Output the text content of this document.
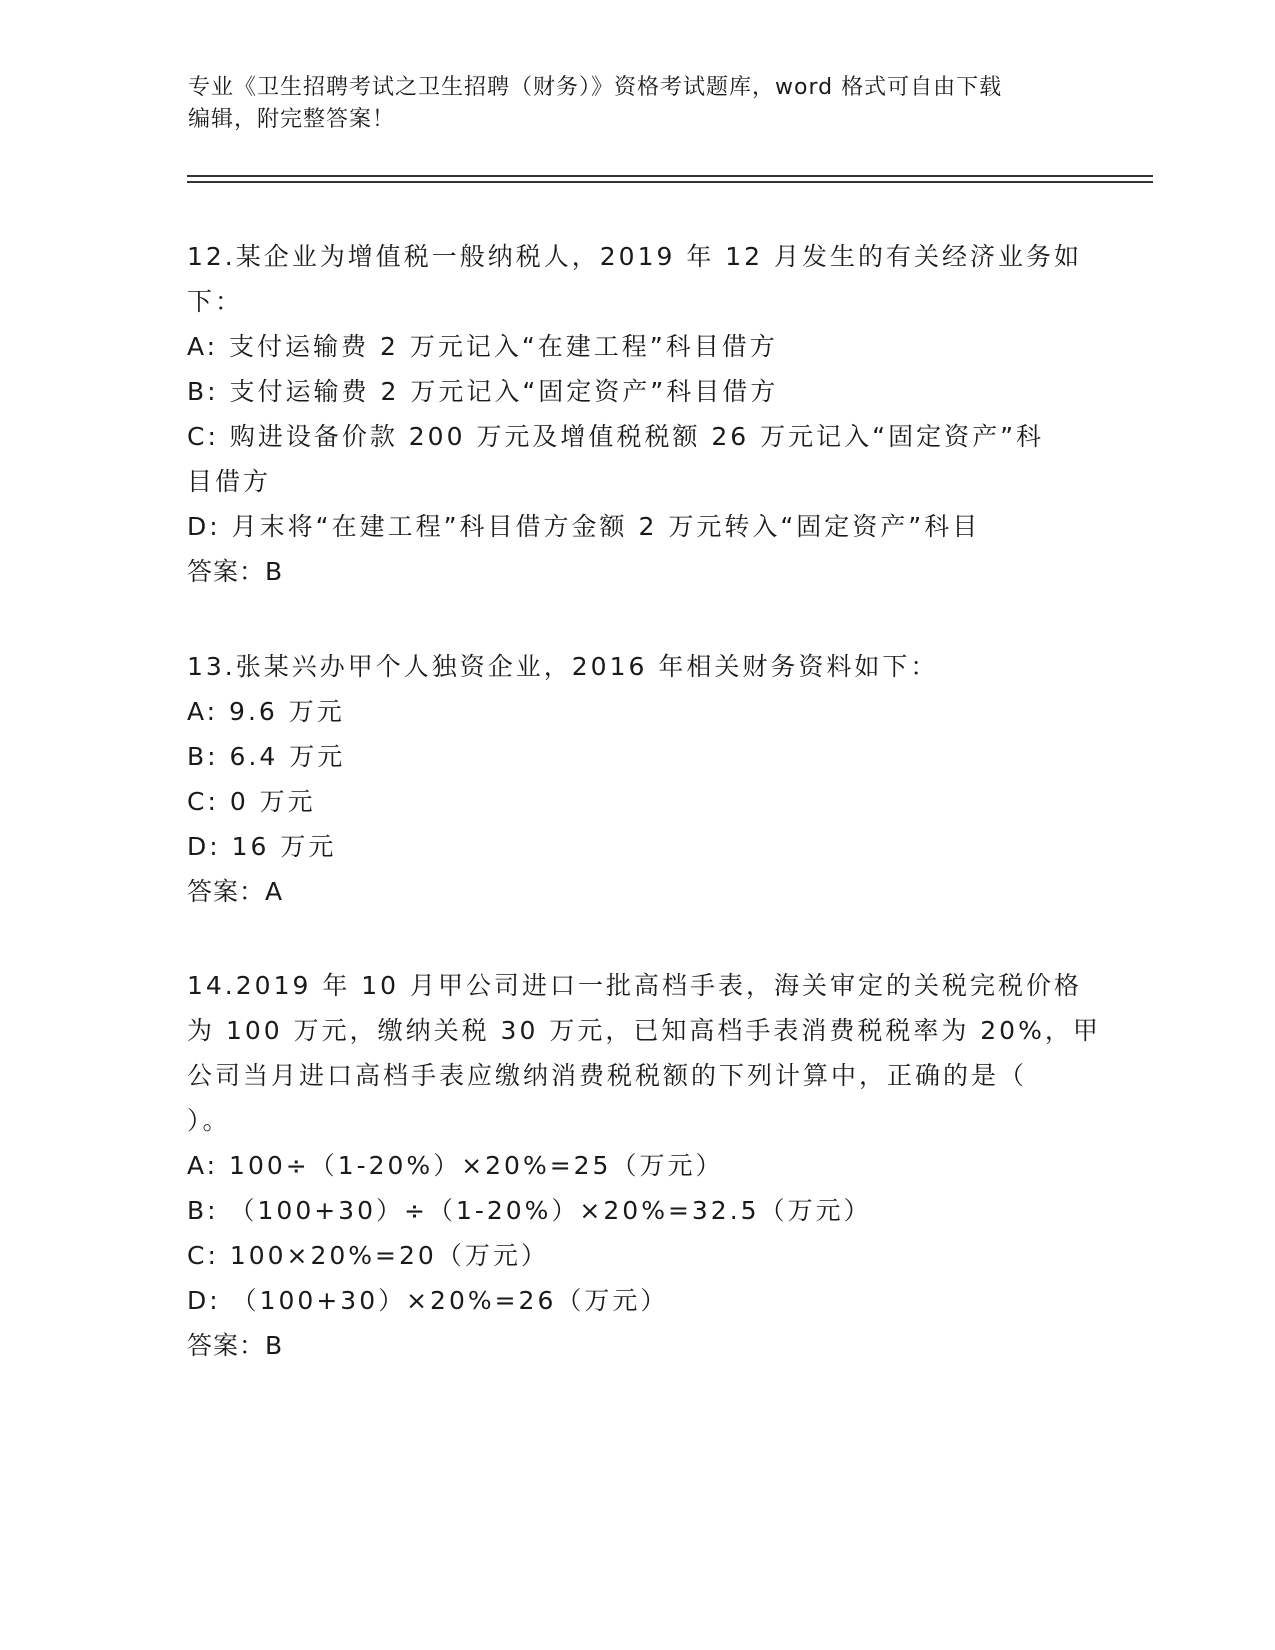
专业《卫生招聘考试之卫生招聘（财务）》资格考试题库，word 格式可自由下载
编辑，附完整答案！
12.某企业为增值税一般纳税人，2019 年 12 月发生的有关经济业务如
下：
A: 支付运输费 2 万元记入“在建工程”科目借方
B: 支付运输费 2 万元记入“固定资产”科目借方
C: 购进设备价款 200 万元及增值税税额 26 万元记入“固定资产”科
目借方
D: 月末将“在建工程”科目借方金额 2 万元转入“固定资产”科目
答案：B
13.张某兴办甲个人独资企业，2016 年相关财务资料如下：
A: 9.6 万元
B: 6.4 万元
C: 0 万元
D: 16 万元
答案：A
14.2019 年 10 月甲公司进口一批高档手表，海关审定的关税完税价格
为 100 万元，缴纳关税 30 万元，已知高档手表消费税税率为 20%，甲
公司当月进口高档手表应缴纳消费税税额的下列计算中，正确的是（
）。
A: 100÷（1-20%）×20%=25（万元）
B: （100+30）÷（1-20%）×20%=32.5（万元）
C: 100×20%=20（万元）
D: （100+30）×20%=26（万元）
答案：B
